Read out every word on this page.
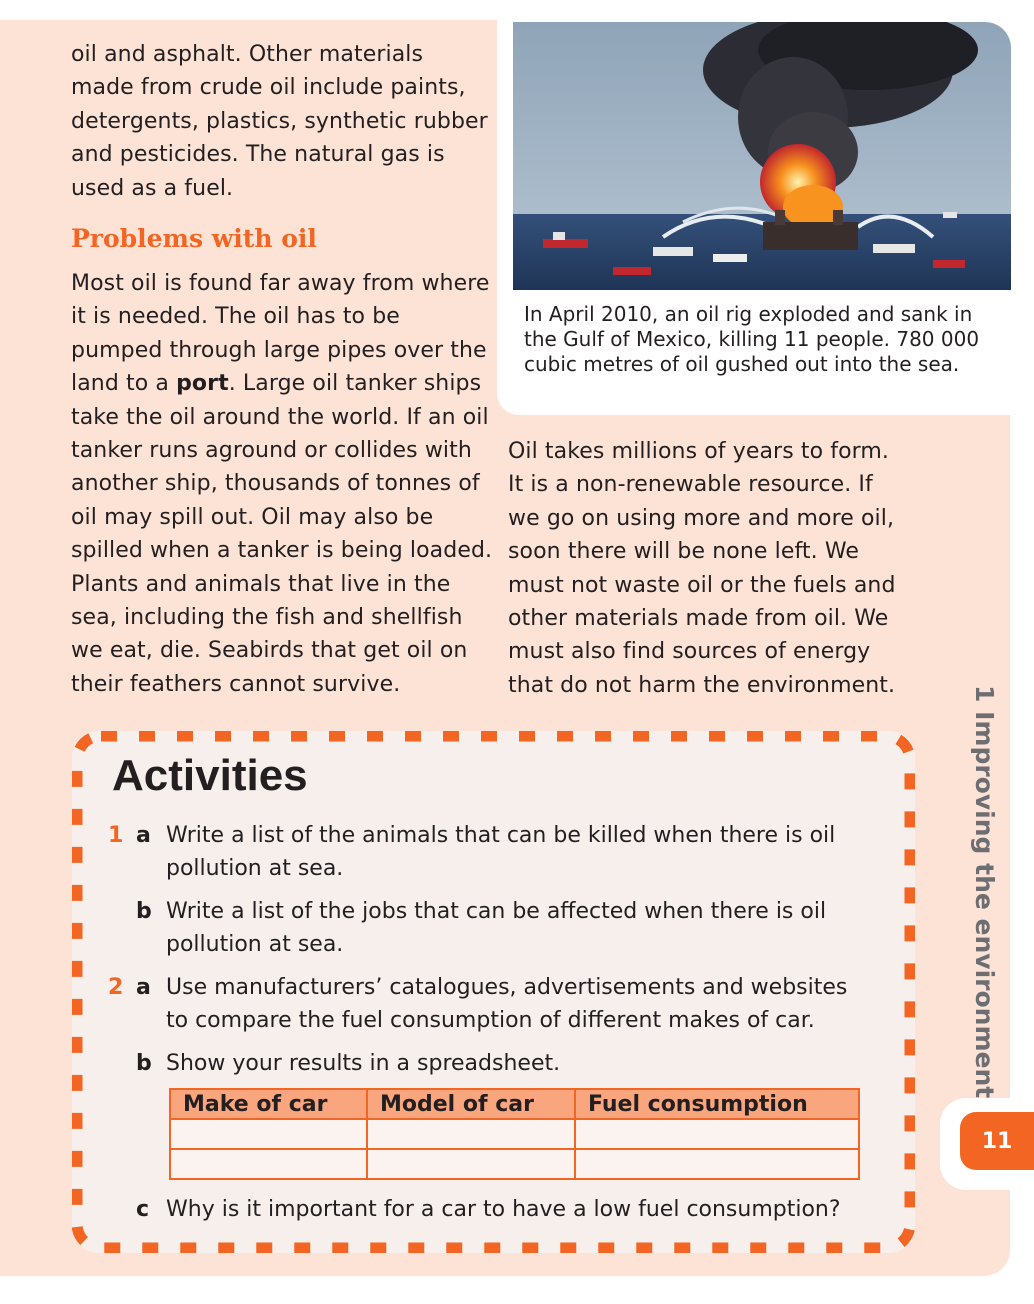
In April 2010, an oil rig exploded and sank in the Gulf of Mexico, killing 11 people. 780 000 cubic metres of oil gushed out into the sea.

oil and asphalt. Other materials made from crude oil include paints, detergents, plastics, synthetic rubber and pesticides. The natural gas is used as a fuel.

Problems with oil

Most oil is found far away from where it is needed. The oil has to be pumped through large pipes over the land to a port. Large oil tanker ships take the oil around the world. If an oil tanker runs aground or collides with another ship, thousands of tonnes of oil may spill out. Oil may also be spilled when a tanker is being loaded. Plants and animals that live in the sea, including the fish and shellfish we eat, die. Seabirds that get oil on their feathers cannot survive.

Oil takes millions of years to form. It is a non-renewable resource. If we go on using more and more oil, soon there will be none left. We must not waste oil or the fuels and other materials made from oil. We must also find sources of energy that do not harm the environment.

Activities
1 a Write a list of the animals that can be killed when there is oil

pollution at sea.

b Write a list of the jobs that can be affected when there is oil

pollution at sea.

2 a Use manufacturers’ catalogues, advertisements and websites

to compare the fuel consumption of different makes of car.

b Show your results in a spreadsheet.

Make of car	Model of car	Fuel consumption

c Why is it important for a car to have a low fuel consumption?

1 Improving the environment
11
